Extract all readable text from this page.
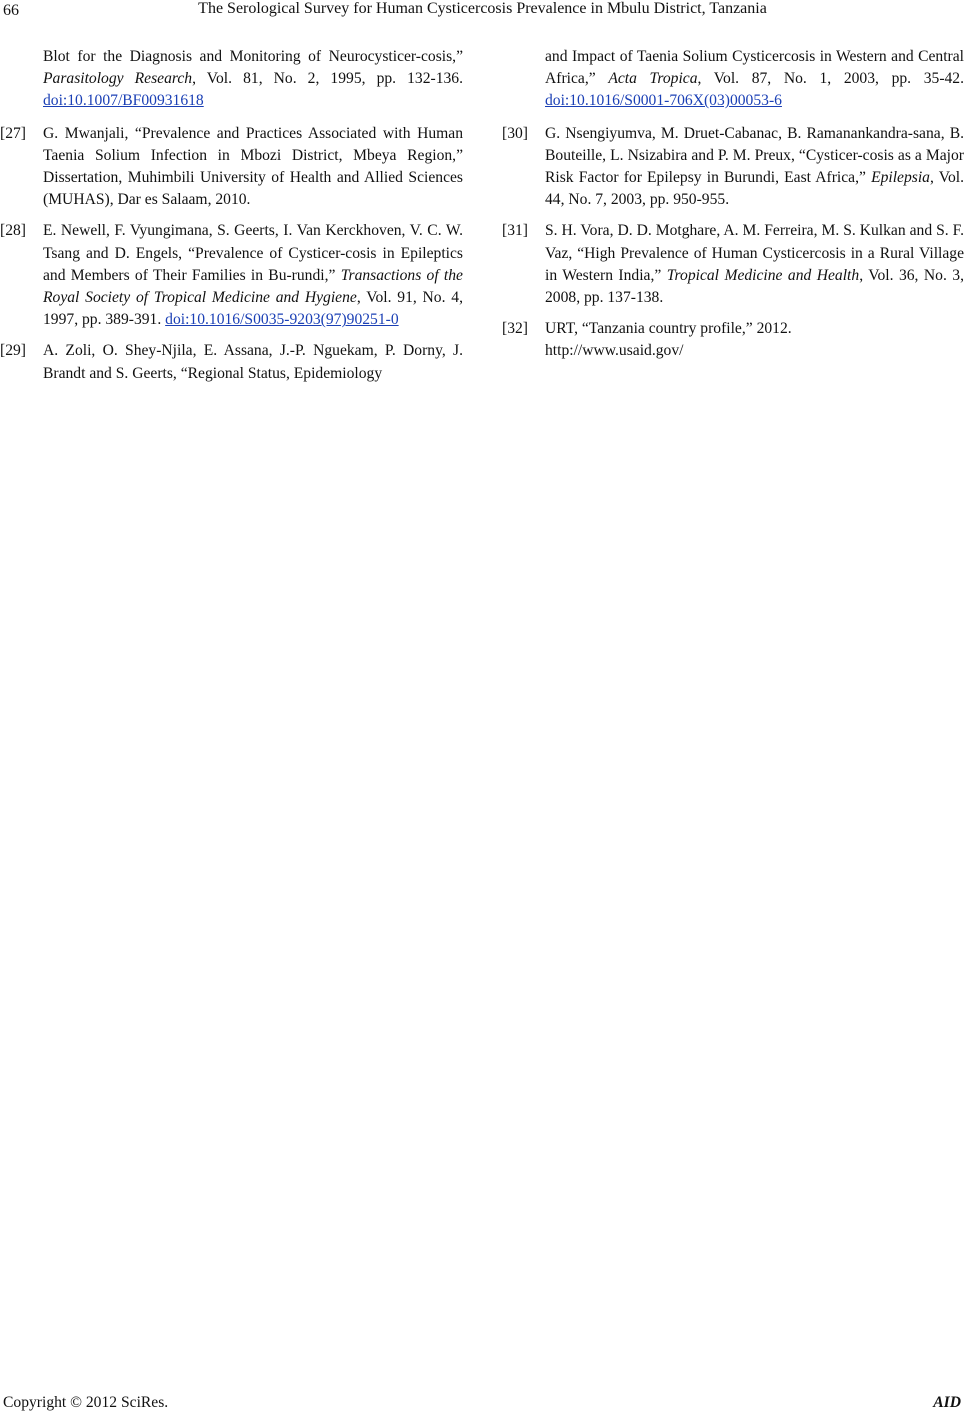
66	The Serological Survey for Human Cysticercosis Prevalence in Mbulu District, Tanzania
Blot for the Diagnosis and Monitoring of Neurocysticer-cosis,” Parasitology Research, Vol. 81, No. 2, 1995, pp. 132-136. doi:10.1007/BF00931618
[27] G. Mwanjali, “Prevalence and Practices Associated with Human Taenia Solium Infection in Mbozi District, Mbeya Region,” Dissertation, Muhimbili University of Health and Allied Sciences (MUHAS), Dar es Salaam, 2010.
[28] E. Newell, F. Vyungimana, S. Geerts, I. Van Kerckhoven, V. C. W. Tsang and D. Engels, “Prevalence of Cysticer-cosis in Epileptics and Members of Their Families in Bu-rundi,” Transactions of the Royal Society of Tropical Medicine and Hygiene, Vol. 91, No. 4, 1997, pp. 389-391. doi:10.1016/S0035-9203(97)90251-0
[29] A. Zoli, O. Shey-Njila, E. Assana, J.-P. Nguekam, P. Dorny, J. Brandt and S. Geerts, “Regional Status, Epidemiology
and Impact of Taenia Solium Cysticercosis in Western and Central Africa,” Acta Tropica, Vol. 87, No. 1, 2003, pp. 35-42. doi:10.1016/S0001-706X(03)00053-6
[30] G. Nsengiyumva, M. Druet-Cabanac, B. Ramanankandra-sana, B. Bouteille, L. Nsizabira and P. M. Preux, “Cysticer-cosis as a Major Risk Factor for Epilepsy in Burundi, East Africa,” Epilepsia, Vol. 44, No. 7, 2003, pp. 950-955.
[31] S. H. Vora, D. D. Motghare, A. M. Ferreira, M. S. Kulkan and S. F. Vaz, “High Prevalence of Human Cysticercosis in a Rural Village in Western India,” Tropical Medicine and Health, Vol. 36, No. 3, 2008, pp. 137-138.
[32] URT, “Tanzania country profile,” 2012.
http://www.usaid.gov/
Copyright © 2012 SciRes.	AID
